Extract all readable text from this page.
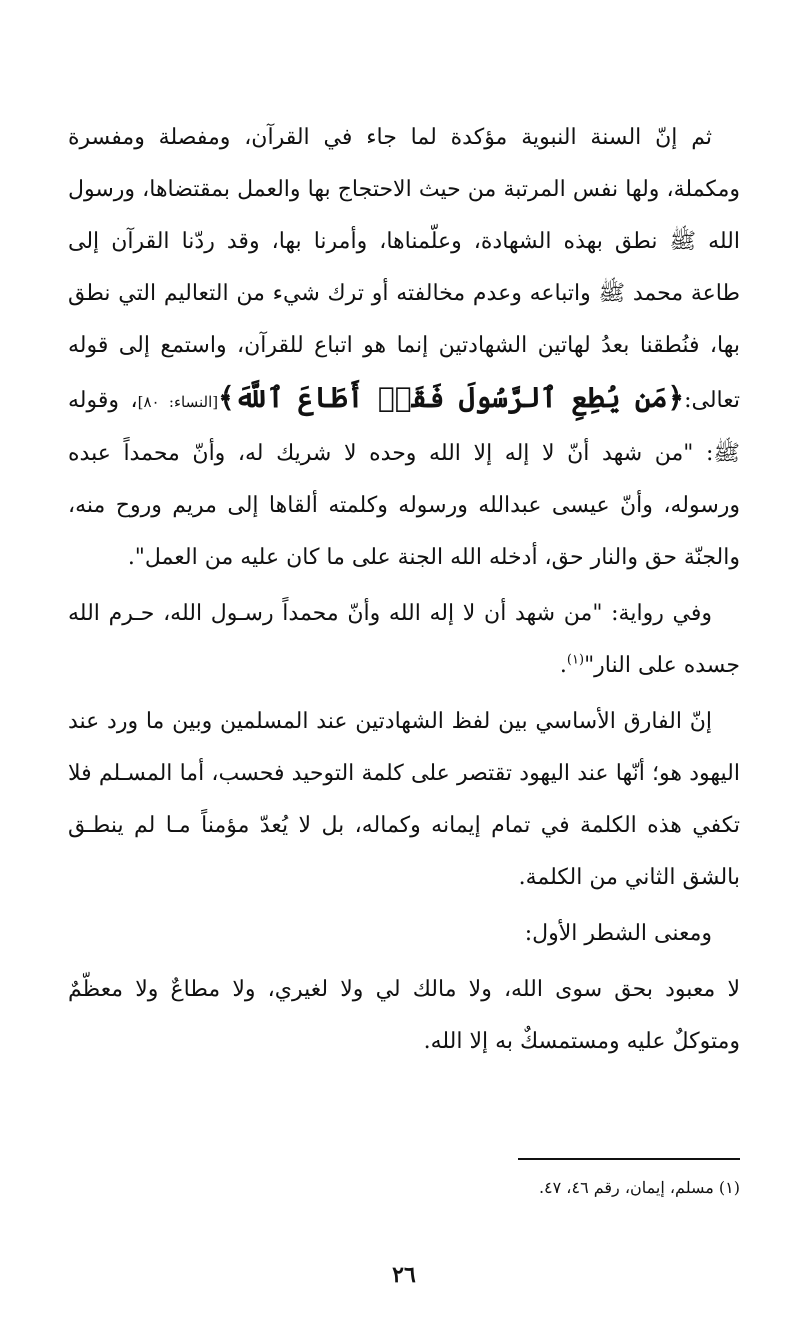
ثم إنّ السنة النبوية مؤكدة لما جاء في القرآن، ومفصلة ومفسرة ومكملة، ولها نفس المرتبة من حيث الاحتجاج بها والعمل بمقتضاها، ورسول الله ﷺ نطق بهذه الشهادة، وعلّمناها، وأمرنا بها، وقد ردّنا القرآن إلى طاعة محمد ﷺ واتباعه وعدم مخالفته أو ترك شيء من التعاليم التي نطق بها، فنُطقنا بعدُ لهاتين الشهادتين إنما هو اتباع للقرآن، واستمع إلى قوله تعالى:﴿مَن يُطِعِ ٱلرَّسُولَ فَقَدۡ أَطَاعَ ٱللَّهَ﴾[النساء: ٨٠]، وقوله ﷺ: "من شهد أنّ لا إله إلا الله وحده لا شريك له، وأنّ محمداً عبده ورسوله، وأنّ عيسى عبدالله ورسوله وكلمته ألقاها إلى مريم وروح منه، والجنّة حق والنار حق، أدخله الله الجنة على ما كان عليه من العمل".

وفي رواية: "من شهد أن لا إله الله وأنّ محمداً رسـول الله، حـرم الله جسده على النار"$^{(١)}$.

إنّ الفارق الأساسي بين لفظ الشهادتين عند المسلمين وبين ما ورد عند اليهود هو؛ أنّها عند اليهود تقتصر على كلمة التوحيد فحسب، أما المسـلم فلا تكفي هذه الكلمة في تمام إيمانه وكماله، بل لا يُعدّ مؤمناً مـا لم ينطـق بالشق الثاني من الكلمة.

ومعنى الشطر الأول:

لا معبود بحق سوى الله، ولا مالك لي ولا لغيري، ولا مطاعٌ ولا معظّمٌ ومتوكلٌ عليه ومستمسكٌ به إلا الله.

(١) مسلم، إيمان، رقم ٤٦، ٤٧.
٢٦
